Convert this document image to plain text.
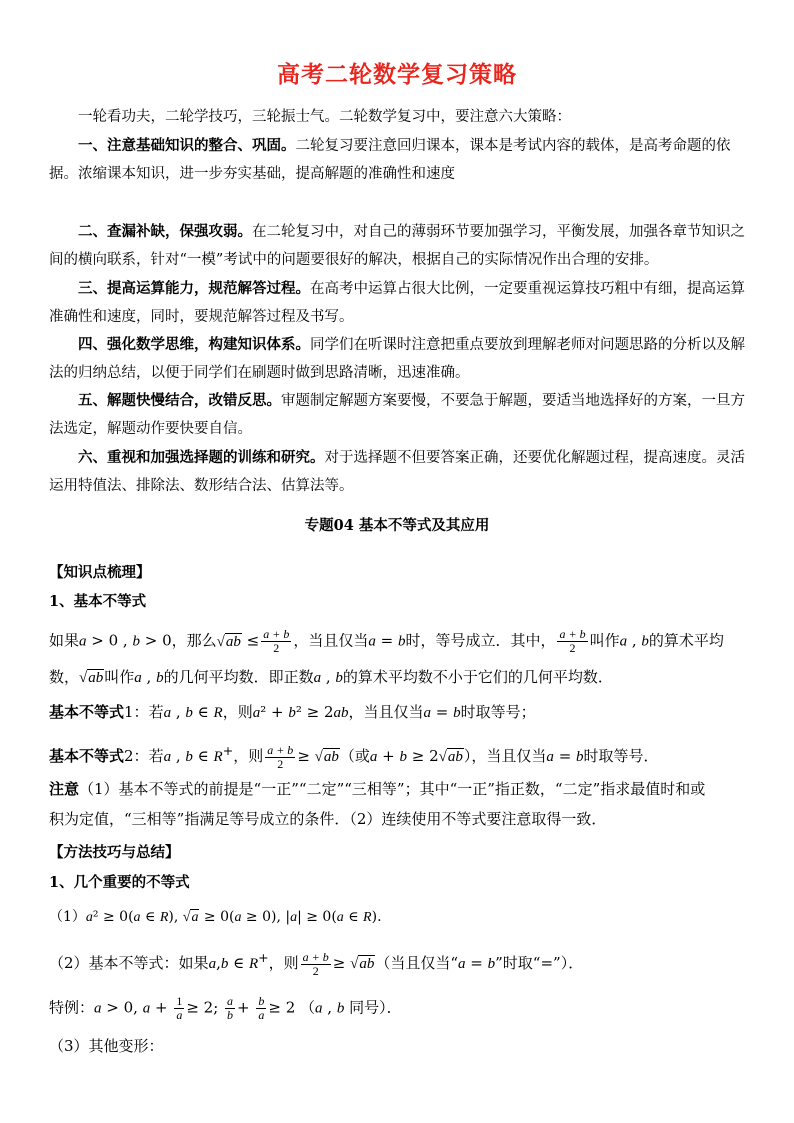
高考二轮数学复习策略
一轮看功夫，二轮学技巧，三轮振士气。二轮数学复习中，要注意六大策略：
一、注意基础知识的整合、巩固。二轮复习要注意回归课本，课本是考试内容的载体，是高考命题的依据。浓缩课本知识，进一步夯实基础，提高解题的准确性和速度
二、查漏补缺，保强攻弱。在二轮复习中，对自己的薄弱环节要加强学习，平衡发展，加强各章节知识之间的横向联系，针对“一模”考试中的问题要很好的解决，根据自己的实际情况作出合理的安排。
三、提高运算能力，规范解答过程。在高考中运算占很大比例，一定要重视运算技巧粗中有细，提高运算准确性和速度，同时，要规范解答过程及书写。
四、强化数学思维，构建知识体系。同学们在听课时注意把重点要放到理解老师对问题思路的分析以及解法的归纳总结，以便于同学们在刷题时做到思路清晰，迅速准确。
五、解题快慢结合，改错反思。审题制定解题方案要慢，不要急于解题，要适当地选择好的方案，一旦方法选定，解题动作要快要自信。
六、重视和加强选择题的训练和研究。对于选择题不但要答案正确，还要优化解题过程，提高速度。灵活运用特值法、排除法、数形结合法、估算法等。
专题04 基本不等式及其应用
【知识点梳理】
1、基本不等式
如果a > 0 , b > 0，那么$√ab \le \frac{a + b}{2}$ ，当且仅当a = b时，等号成立．其中， $\frac{a + b}{2}$ 叫作a , b的算术平均
数，√ab叫作a , b的几何平均数．即正数a , b的算术平均数不小于它们的几何平均数．
基本不等式1：若a , b ∈ R，则a² + b² ≥ 2ab，当且仅当a = b时取等号；
基本不等式2：若a , b ∈ R+，则 $\frac{a + b}{2} \ge √ab$（或a + b ≥ 2√ab），当且仅当a = b时取等号．
注意（1）基本不等式的前提是“一正”“二定”“三相等”；其中“一正”指正数，“二定”指求最值时和或
积为定值，“三相等”指满足等号成立的条件．（2）连续使用不等式要注意取得一致．
【方法技巧与总结】
1、几个重要的不等式
（1）a² ≥ 0(a ∈ R), √a ≥ 0(a ≥ 0), |a| ≥ 0(a ∈ R).
（2）基本不等式：如果a,b ∈ R+，则 $\frac{a + b}{2} \ge √ab$（当且仅当“a = b”时取“=”）．
特例：a > 0, $a + \frac{1}{a} \ge 2$; $\frac{a}{b} + \frac{b}{a} \ge 2$ （a , b 同号）．
（3）其他变形：
